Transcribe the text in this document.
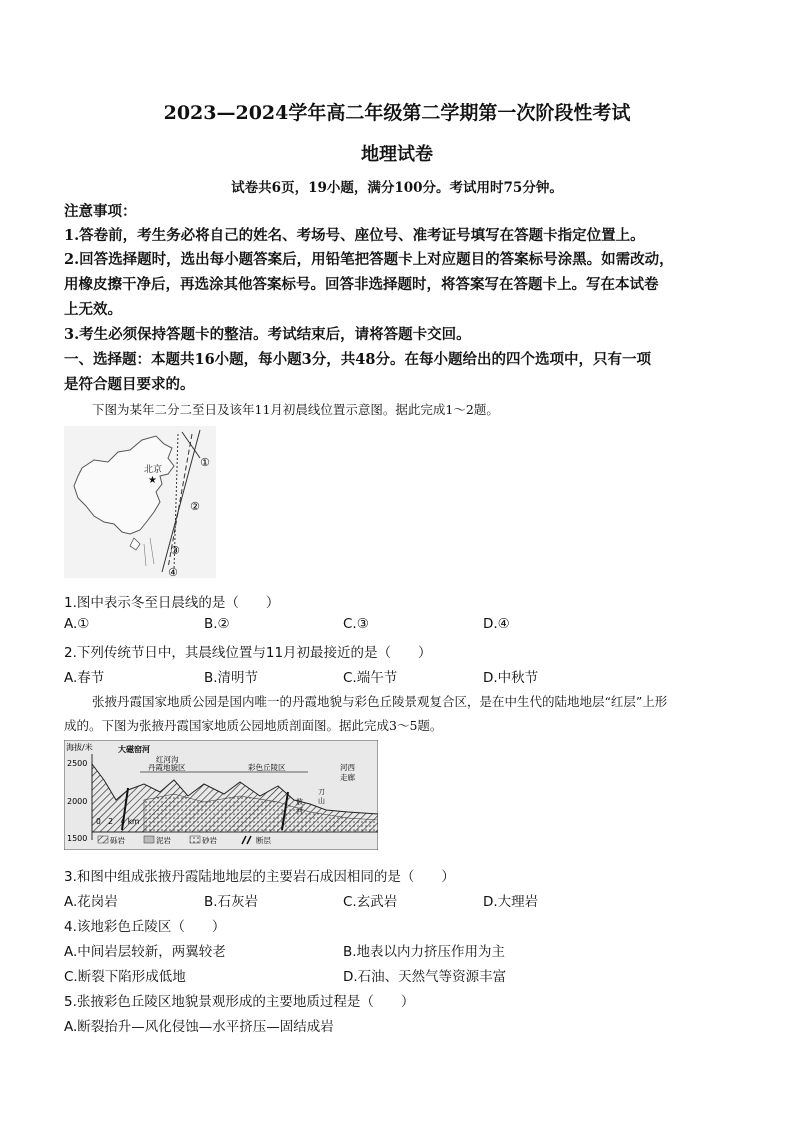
2023—2024学年高二年级第二学期第一次阶段性考试
地理试卷
试卷共6页，19小题，满分100分。考试用时75分钟。
注意事项：
1.答卷前，考生务必将自己的姓名、考场号、座位号、准考证号填写在答题卡指定位置上。
2.回答选择题时，选出每小题答案后，用铅笔把答题卡上对应题目的答案标号涂黑。如需改动，
用橡皮擦干净后，再选涂其他答案标号。回答非选择题时，将答案写在答题卡上。写在本试卷
上无效。
3.考生必须保持答题卡的整洁。考试结束后，请将答题卡交回。
一、选择题：本题共16小题，每小题3分，共48分。在每小题给出的四个选项中，只有一项
是符合题目要求的。
下图为某年二分二至日及该年11月初晨线位置示意图。据此完成1～2题。
北京
★
①
②
③
④
1.图中表示冬至日晨线的是（　　）
A.①	B.②	C.③	D.④
2.下列传统节日中，其晨线位置与11月初最接近的是（　　）
A.春节	B.清明节	C.端午节	D.中秋节
张掖丹霞国家地质公园是国内唯一的丹霞地貌与彩色丘陵景观复合区，是在中生代的陆地地层“红层”上形
成的。下图为张掖丹霞国家地质公园地质剖面图。据此完成3～5题。
海拔/米
2500
2000
1500
大磁窑河
红河沟
丹霞地貌区	彩色丘陵区
敖
河
刀
山
河西
走廊
0　2　4 km
砾岩	泥岩	砂岩	断层
3.和图中组成张掖丹霞陆地地层的主要岩石成因相同的是（　　）
A.花岗岩	B.石灰岩	C.玄武岩	D.大理岩
4.该地彩色丘陵区（　　）
A.中间岩层较新，两翼较老	B.地表以内力挤压作用为主
C.断裂下陷形成低地	D.石油、天然气等资源丰富
5.张掖彩色丘陵区地貌景观形成的主要地质过程是（　　）
A.断裂抬升—风化侵蚀—水平挤压—固结成岩
